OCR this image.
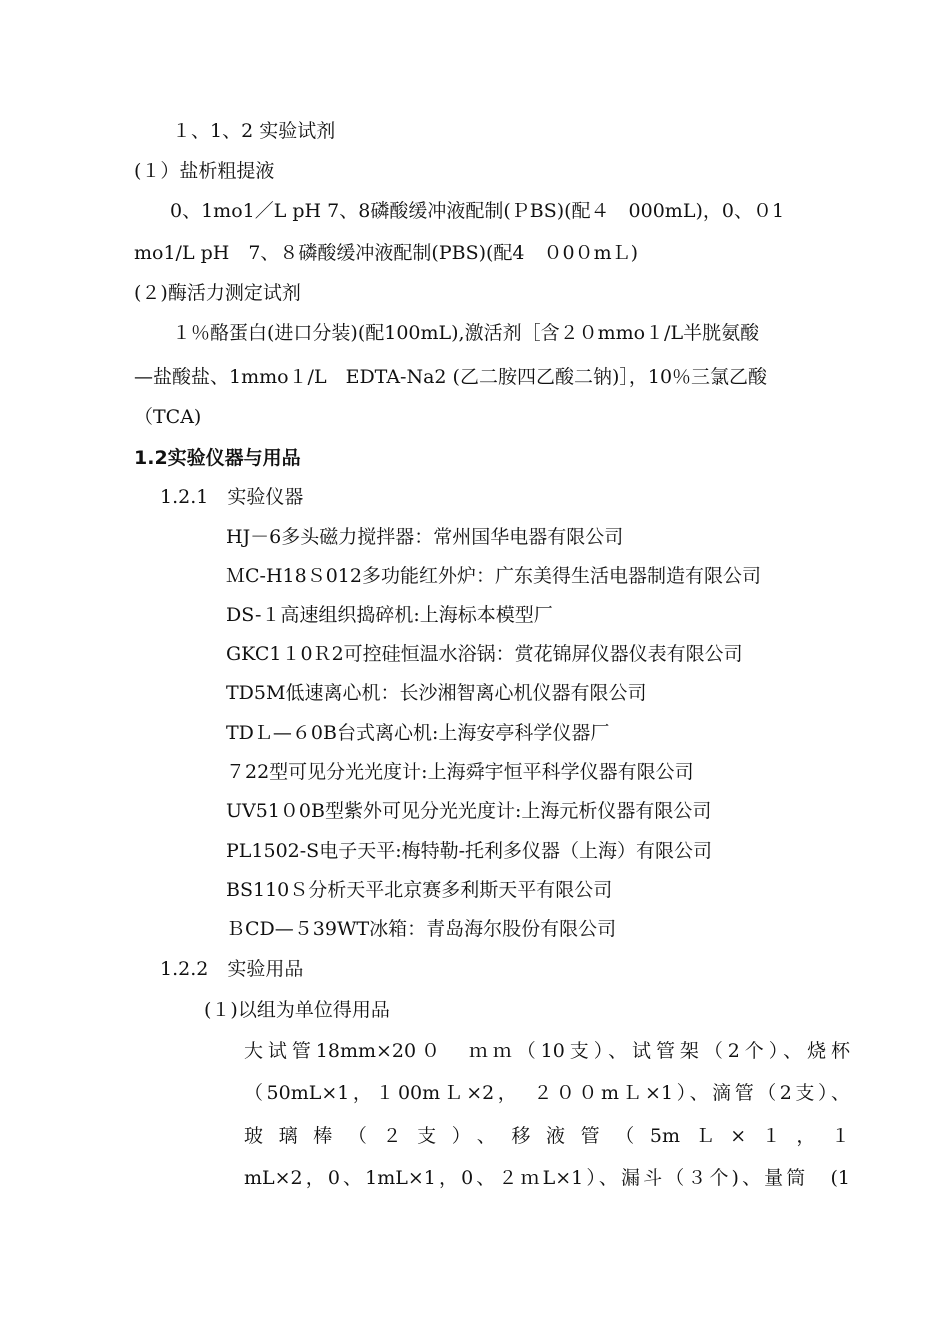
１、1、2 实验试剂
(１）盐析粗提液
0、1mo1／L pH 7、8磷酸缓冲液配制(ＰBS)(配４　000mL)，0、０1
mo1/L pH　7、８磷酸缓冲液配制(PBS)(配4　０0０mＬ)
(２)酶活力测定试剂
１％酪蛋白(进口分装)(配100mL),激活剂［含２０mmo１/L半胱氨酸
—盐酸盐、1mmo１/L　EDTA-Na2 (乙二胺四乙酸二钠)］，10％三氯乙酸
（TCA)
1.2实验仪器与用品
1.2.1　实验仪器
HJ－6多头磁力搅拌器：常州国华电器有限公司
ＭC-H18Ｓ012多功能红外炉：广东美得生活电器制造有限公司
DS-１高速组织捣碎机:上海标本模型厂
GKC1１0Ｒ2可控硅恒温水浴锅：赏花锦屏仪器仪表有限公司
TD5M低速离心机：长沙湘智离心机仪器有限公司
TDＬ—６0B台式离心机:上海安亭科学仪器厂
７22型可见分光光度计:上海舜宇恒平科学仪器有限公司
UV51０0B型紫外可见分光光度计:上海元析仪器有限公司
PL1502-S电子天平:梅特勒-托利多仪器（上海）有限公司
BS110Ｓ分析天平北京赛多利斯天平有限公司
ＢCD—５39WT冰箱：青岛海尔股份有限公司
1.2.2　实验用品
(１)以组为单位得用品
大试管18mm×20０　ｍｍ（10支）、试管架（2个）、烧杯
（50mL×1，１00mＬ×2，　２００mＬ×1）、滴管（2支）、
玻璃棒（２支）、移液管（5mＬ×１，１
mL×2，0、1mL×1，0、２ｍL×1）、漏斗（３个)、量筒　(1
